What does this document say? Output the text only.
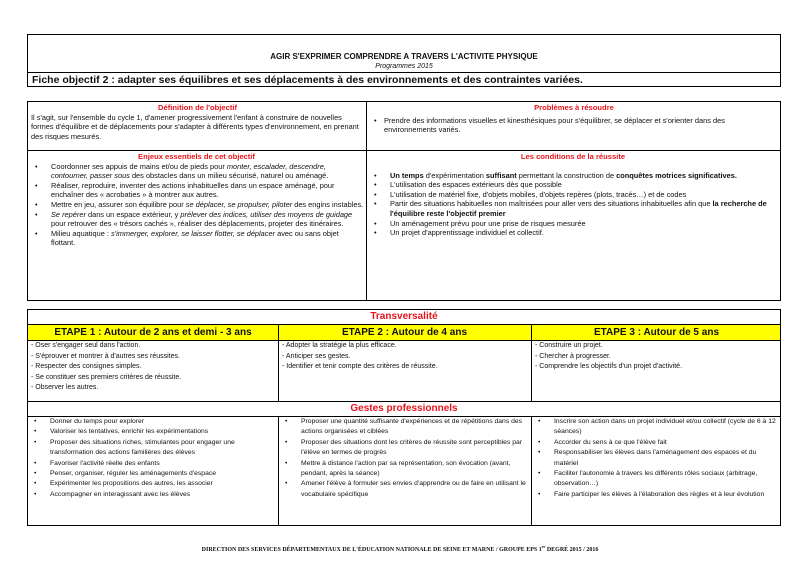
AGIR S'EXPRIMER COMPRENDRE A TRAVERS L'ACTIVITE PHYSIQUE
Programmes 2015
Fiche objectif 2 : adapter ses équilibres et ses déplacements à des environnements et des contraintes variées.
Définition de l'objectif
Il s'agit, sur l'ensemble du cycle 1, d'amener progressivement l'enfant à construire de nouvelles formes d'équilibre et de déplacements pour s'adapter à différents types d'environnement, en prenant des risques mesurés.
Problèmes à résoudre
• Prendre des informations visuelles et kinesthésiques pour s'équilibrer, se déplacer et s'orienter dans des environnements variés.
Enjeux essentiels de cet objectif
• Coordonner ses appuis de mains et/ou de pieds pour monter, escalader, descendre, contourner, passer sous des obstacles dans un milieu sécurisé, naturel ou aménagé.
• Réaliser, reproduire, inventer des actions inhabituelles dans un espace aménagé, pour enchaîner des « acrobaties » à montrer aux autres.
• Mettre en jeu, assurer son équilibre pour se déplacer, se propulser, piloter des engins instables.
• Se repérer dans un espace extérieur, y prélever des indices, utiliser des moyens de guidage pour retrouver des « trésors cachés », réaliser des déplacements, projeter des itinéraires.
• Milieu aquatique : s'immerger, explorer, se laisser flotter, se déplacer avec ou sans objet flottant.
Les conditions de la réussite
• Un temps d'expérimentation suffisant permettant la construction de conquêtes motrices significatives.
• L'utilisation des espaces extérieurs dès que possible
• L'utilisation de matériel fixe, d'objets mobiles, d'objets repères (plots, tracés…) et de codes
• Partir des situations habituelles non maîtrisées pour aller vers des situations inhabituelles afin que la recherche de l'équilibre reste l'objectif premier
• Un aménagement prévu pour une prise de risques mesurée
• Un projet d'apprentissage individuel et collectif.
Transversalité
ETAPE 1 : Autour de 2 ans et demi - 3 ans	ETAPE 2 : Autour de 4 ans	ETAPE 3 : Autour de 5 ans
- Oser s'engager seul dans l'action.
- S'éprouver et montrer à d'autres ses réussites.
- Respecter des consignes simples.
- Se constituer ses premiers critères de réussite.
- Observer les autres.
- Adopter la stratégie la plus efficace.
- Anticiper ses gestes.
- Identifier et tenir compte des critères de réussite.
- Construire un projet.
- Chercher à progresser.
- Comprendre les objectifs d'un projet d'activité.
Gestes professionnels
• Donner du temps pour explorer
• Valoriser les tentatives, enrichir les expérimentations
• Proposer des situations riches, stimulantes pour engager une transformation des actions familières des élèves
• Favoriser l'activité réelle des enfants
• Penser, organiser, réguler les aménagements d'espace
• Expérimenter les propositions des autres, les associer
• Accompagner en interagissant avec les élèves
• Proposer une quantité suffisante d'expériences et de répétitions dans des actions organisées et ciblées
• Proposer des situations dont les critères de réussite sont perceptibles par l'élève en termes de progrès
• Mettre à distance l'action par sa représentation, son évocation (avant, pendant, après la séance)
• Amener l'élève à formuler ses envies d'apprendre ou de faire en utilisant le vocabulaire spécifique
• Inscrire son action dans un projet individuel et/ou collectif (cycle de 6 à 12 séances)
• Accorder du sens à ce que l'élève fait
• Responsabiliser les élèves dans l'aménagement des espaces et du matériel
• Faciliter l'autonomie à travers les différents rôles sociaux (arbitrage, observation…)
• Faire participer les élèves à l'élaboration des règles et à leur évolution
DIRECTION DES SERVICES DÉPARTEMENTAUX DE L'ÉDUCATION NATIONALE DE SEINE ET MARNE / GROUPE EPS 1er DEGRÉ 2015 / 2016
